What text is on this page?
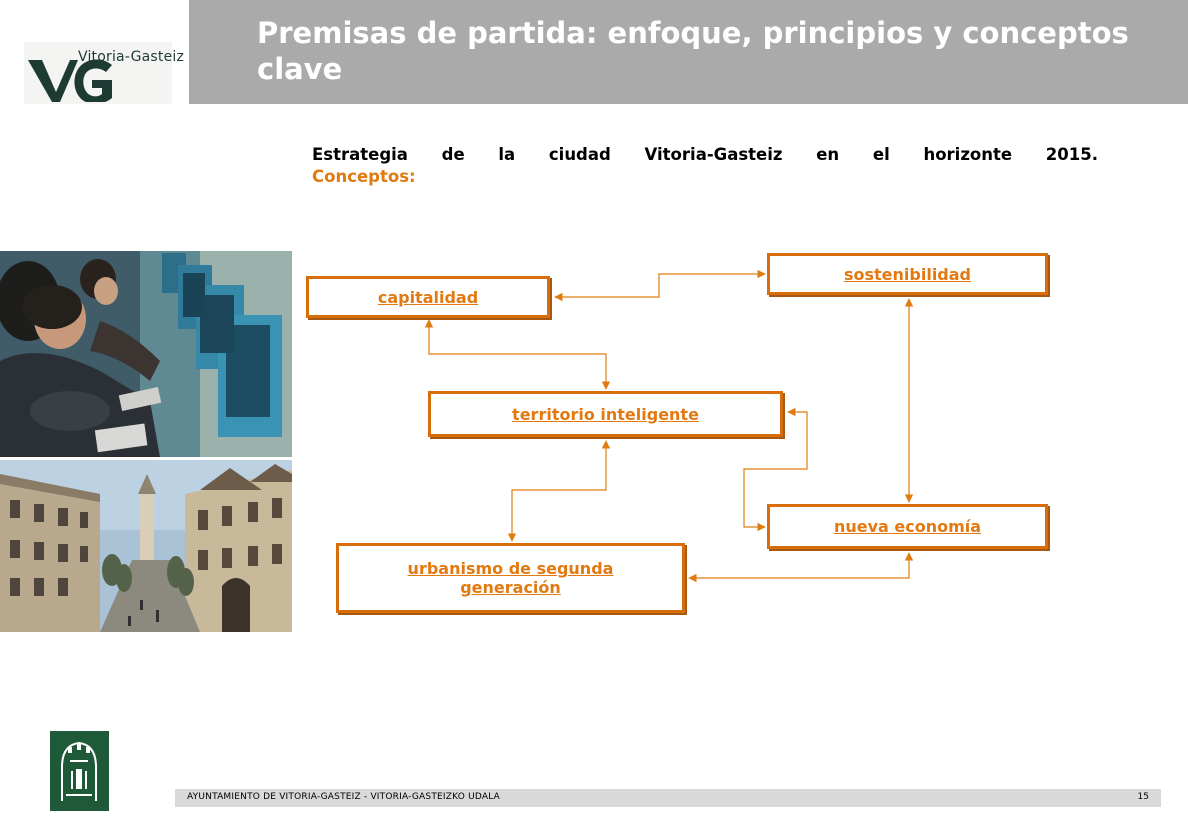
Vitoria-Gasteiz
Premisas de partida: enfoque, principios y conceptos clave
Estrategia de la ciudad Vitoria-Gasteiz en el horizonte 2015.
Conceptos:
capitalidad
sostenibilidad
territorio inteligente
nueva economía
urbanismo de segunda generación
AYUNTAMIENTO DE VITORIA-GASTEIZ - VITORIA-GASTEIZKO UDALA	15
